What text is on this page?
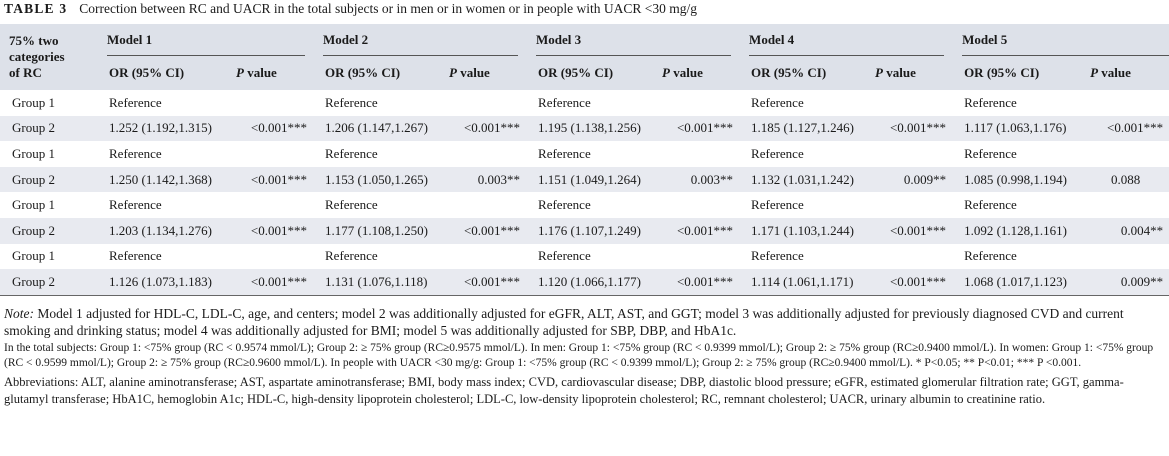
TABLE 3 Correction between RC and UACR in the total subjects or in men or in women or in people with UACR <30 mg/g
75% two
categories
of RC	Model 1		Model 2		Model 3		Model 4		Model 5	

	OR (95% CI)	P value	OR (95% CI)	P value	OR (95% CI)	P value	OR (95% CI)	P value	OR (95% CI)	P value
Group 1	Reference		Reference		Reference		Reference		Reference	
Group 2	1.252 (1.192,1.315)	<0.001***	1.206 (1.147,1.267)	<0.001***	1.195 (1.138,1.256)	<0.001***	1.185 (1.127,1.246)	<0.001***	1.117 (1.063,1.176)	<0.001***
Group 1	Reference		Reference		Reference		Reference		Reference	
Group 2	1.250 (1.142,1.368)	<0.001***	1.153 (1.050,1.265)	0.003**	1.151 (1.049,1.264)	0.003**	1.132 (1.031,1.242)	0.009**	1.085 (0.998,1.194)	0.088
Group 1	Reference		Reference		Reference		Reference		Reference	
Group 2	1.203 (1.134,1.276)	<0.001***	1.177 (1.108,1.250)	<0.001***	1.176 (1.107,1.249)	<0.001***	1.171 (1.103,1.244)	<0.001***	1.092 (1.128,1.161)	0.004**
Group 1	Reference		Reference		Reference		Reference		Reference	
Group 2	1.126 (1.073,1.183)	<0.001***	1.131 (1.076,1.118)	<0.001***	1.120 (1.066,1.177)	<0.001***	1.114 (1.061,1.171)	<0.001***	1.068 (1.017,1.123)	0.009**

Note: Model 1 adjusted for HDL-C, LDL-C, age, and centers; model 2 was additionally adjusted for eGFR, ALT, AST, and GGT; model 3 was additionally adjusted for previously diagnosed CVD and current smoking and drinking status; model 4 was additionally adjusted for BMI; model 5 was additionally adjusted for SBP, DBP, and HbA1c.

In the total subjects: Group 1: <75% group (RC < 0.9574 mmol/L); Group 2: ≥ 75% group (RC≥0.9575 mmol/L). In men: Group 1: <75% group (RC < 0.9399 mmol/L); Group 2: ≥ 75% group (RC≥0.9400 mmol/L). In women: Group 1: <75% group (RC < 0.9599 mmol/L); Group 2: ≥ 75% group (RC≥0.9600 mmol/L). In people with UACR <30 mg/g: Group 1: <75% group (RC < 0.9399 mmol/L); Group 2: ≥ 75% group (RC≥0.9400 mmol/L). * P<0.05; ** P<0.01; *** P <0.001.

Abbreviations: ALT, alanine aminotransferase; AST, aspartate aminotransferase; BMI, body mass index; CVD, cardiovascular disease; DBP, diastolic blood pressure; eGFR, estimated glomerular filtration rate; GGT, gamma-glutamyl transferase; HbA1C, hemoglobin A1c; HDL-C, high-density lipoprotein cholesterol; LDL-C, low-density lipoprotein cholesterol; RC, remnant cholesterol; UACR, urinary albumin to creatinine ratio.
